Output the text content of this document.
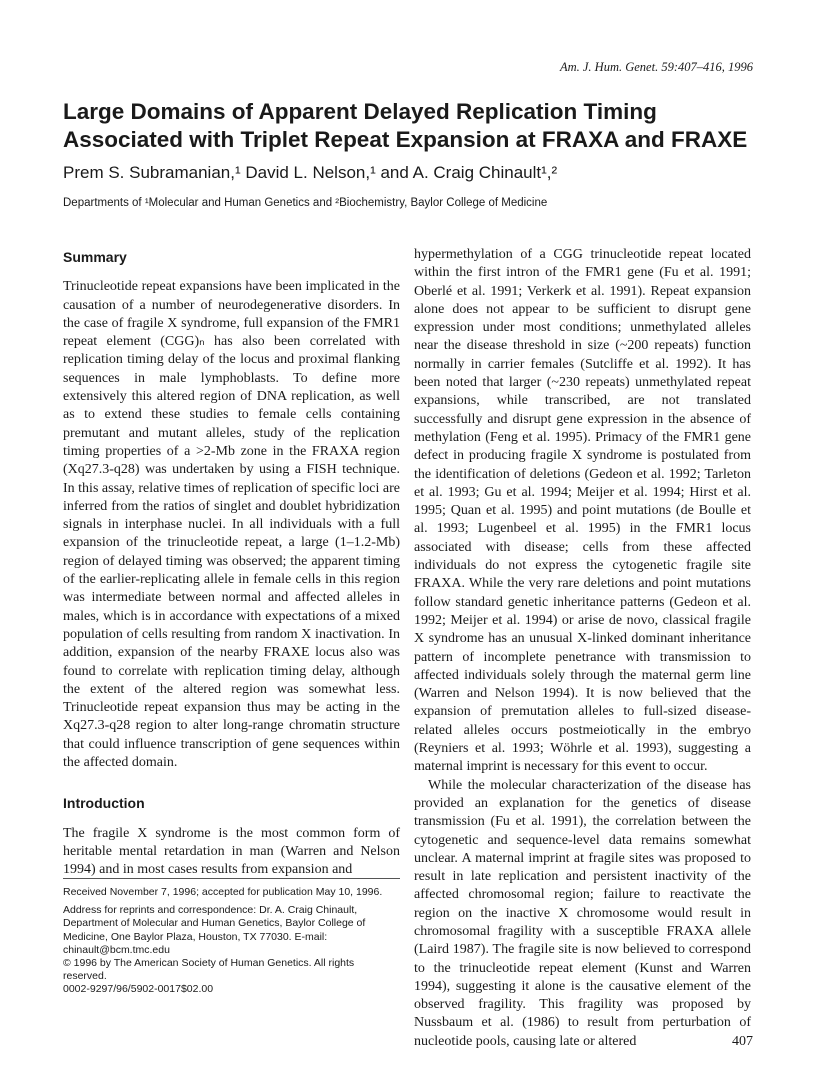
Am. J. Hum. Genet. 59:407–416, 1996
Large Domains of Apparent Delayed Replication Timing Associated with Triplet Repeat Expansion at FRAXA and FRAXE
Prem S. Subramanian,¹ David L. Nelson,¹ and A. Craig Chinault¹,²
Departments of ¹Molecular and Human Genetics and ²Biochemistry, Baylor College of Medicine
Summary

Trinucleotide repeat expansions have been implicated in the causation of a number of neurodegenerative disorders. In the case of fragile X syndrome, full expansion of the FMR1 repeat element (CGG)ₙ has also been correlated with replication timing delay of the locus and proximal flanking sequences in male lymphoblasts. To define more extensively this altered region of DNA replication, as well as to extend these studies to female cells containing premutant and mutant alleles, study of the replication timing properties of a >2-Mb zone in the FRAXA region (Xq27.3-q28) was undertaken by using a FISH technique. In this assay, relative times of replication of specific loci are inferred from the ratios of singlet and doublet hybridization signals in interphase nuclei. In all individuals with a full expansion of the trinucleotide repeat, a large (1–1.2-Mb) region of delayed timing was observed; the apparent timing of the earlier-replicating allele in female cells in this region was intermediate between normal and affected alleles in males, which is in accordance with expectations of a mixed population of cells resulting from random X inactivation. In addition, expansion of the nearby FRAXE locus also was found to correlate with replication timing delay, although the extent of the altered region was somewhat less. Trinucleotide repeat expansion thus may be acting in the Xq27.3-q28 region to alter long-range chromatin structure that could influence transcription of gene sequences within the affected domain.

Introduction

The fragile X syndrome is the most common form of heritable mental retardation in man (Warren and Nelson 1994) and in most cases results from expansion and

Received November 7, 1996; accepted for publication May 10, 1996.

Address for reprints and correspondence: Dr. A. Craig Chinault, Department of Molecular and Human Genetics, Baylor College of Medicine, One Baylor Plaza, Houston, TX 77030. E-mail: chinault@bcm.tmc.edu

© 1996 by The American Society of Human Genetics. All rights reserved.

0002-9297/96/5902-0017$02.00

hypermethylation of a CGG trinucleotide repeat located within the first intron of the FMR1 gene (Fu et al. 1991; Oberlé et al. 1991; Verkerk et al. 1991). Repeat expansion alone does not appear to be sufficient to disrupt gene expression under most conditions; unmethylated alleles near the disease threshold in size (~200 repeats) function normally in carrier females (Sutcliffe et al. 1992). It has been noted that larger (~230 repeats) unmethylated repeat expansions, while transcribed, are not translated successfully and disrupt gene expression in the absence of methylation (Feng et al. 1995). Primacy of the FMR1 gene defect in producing fragile X syndrome is postulated from the identification of deletions (Gedeon et al. 1992; Tarleton et al. 1993; Gu et al. 1994; Meijer et al. 1994; Hirst et al. 1995; Quan et al. 1995) and point mutations (de Boulle et al. 1993; Lugenbeel et al. 1995) in the FMR1 locus associated with disease; cells from these affected individuals do not express the cytogenetic fragile site FRAXA. While the very rare deletions and point mutations follow standard genetic inheritance patterns (Gedeon et al. 1992; Meijer et al. 1994) or arise de novo, classical fragile X syndrome has an unusual X-linked dominant inheritance pattern of incomplete penetrance with transmission to affected individuals solely through the maternal germ line (Warren and Nelson 1994). It is now believed that the expansion of premutation alleles to full-sized disease-related alleles occurs postmeiotically in the embryo (Reyniers et al. 1993; Wöhrle et al. 1993), suggesting a maternal imprint is necessary for this event to occur.

While the molecular characterization of the disease has provided an explanation for the genetics of disease transmission (Fu et al. 1991), the correlation between the cytogenetic and sequence-level data remains somewhat unclear. A maternal imprint at fragile sites was proposed to result in late replication and persistent inactivity of the affected chromosomal region; failure to reactivate the region on the inactive X chromosome would result in chromosomal fragility with a susceptible FRAXA allele (Laird 1987). The fragile site is now believed to correspond to the trinucleotide repeat element (Kunst and Warren 1994), suggesting it alone is the causative element of the observed fragility. This fragility was proposed by Nussbaum et al. (1986) to result from perturbation of nucleotide pools, causing late or altered	407
